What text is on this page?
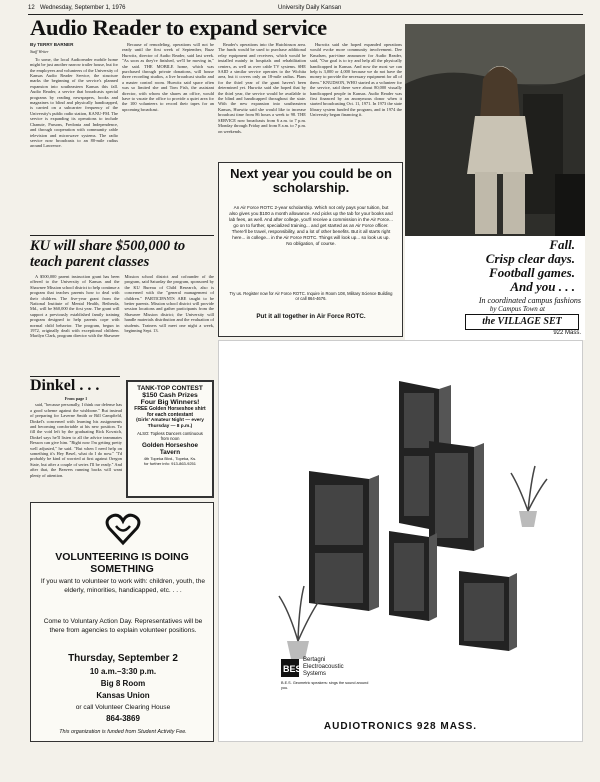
12 Wednesday, September 1, 1976	University Daily Kansan
Audio Reader to expand service
By TERRY BARNER
Staff Writer

To some, the local Audioreader mobile home might be just another narrow trailer house, but for the employees and volunteers of the University of Kansas Audio Reader Service, the structure marks the beginning of the service's planned expansion into southeastern Kansas this fall. Audio Reader, a service that broadcasts special programs by reading newspapers, books and magazines to blind and physically handicapped, is carried on a subcarrier frequency of the University's public radio station, KANU-FM. The service is expanding its operations to include Chanute, Parsons, Fredonia and Independence, and through cooperation with community cable television and microwave systems. The radio service now broadcasts to an 80-mile radius around Lawrence.

Because of remodeling, operations will not be ready until the first week of September, Buzz Hurwitz, director of Audio Reader, said last week. "As soon as they're finished, we'll be moving in," she said. THE MOBILE home, which was purchased through private donations, will house three recording studios, a live broadcast studio and a master control room. Hurwitz said space often was so limited she and Tom Fish, the assistant director, with whom she shares an office, would have to vacate the office to provide a quiet area for the 100 volunteers to record their tapes for an upcoming broadcast.

Reader's operations into the Hutchinson area. The funds would be used to purchase additional relay equipment and receivers, which would be installed mainly in hospitals and rehabilitation centers, as well as over cable TV systems. SHE SAID a similar service operates to the Wichita area, but it covers only an 18-mile radius. Plans for the third year of the grant haven't been determined yet. Hurwitz said she hoped that by the third year, the service would be available to the blind and handicapped throughout the state. With the new expansion into southeastern Kansas, Hurwitz said she would like to increase broadcast time from 86 hours a week to 98. THE SERVICE now broadcasts from 6 a.m. to 7 p.m. Monday through Friday and from 8 a.m. to 7 p.m. on weekends.

Hurwitz said she hoped expanded operations would evoke more community involvement. Dee Knudsen, part-time announcer for Audio Reader, said, "Our goal is to try and help all the physically handicapped in Kansas. And now the most we can help is 3,000 or 4,000 because we do not have the money to provide the necessary equipment for all of them." KNUDSON, WHO started as a volunteer for the service, said there were about 80,000 visually handicapped people in Kansas. Audio Reader was first financed by an anonymous donor when it started broadcasting Oct. 11, 1971. In 1973 the state library system funded the program, and in 1974 the University began financing it.

Fall.
Crisp clear days.
Football games.
And you . . .
In coordinated campus fashions
by Campus Town at
the VILLAGE SET
922 Mass.
Next year you could be on scholarship.
An Air Force ROTC 2-year scholarship. Which not only pays your tuition, but also gives you $100 a month allowance. And picks up the tab for your books and lab fees, as well. And after college, you'll receive a commission in the Air Force... go on to further, specialized training... and get started as an Air Force officer. There'll be travel, responsibility, and a lot of other benefits. But it all starts right here... in college... in the Air Force ROTC. Things will look up... so look us up. No obligation, of course.
Try us. Register now for Air Force ROTC. Inquire in Room 108, Military Science Building or call 864-4676.
Put it all together in Air Force ROTC.
KU will share $500,000 to teach parent classes

A $500,000 parent instruction grant has been offered to the University of Kansas and the Shawnee Mission school district to help continue a program that teaches parents how to deal with their children. The five-year grant from the National Institute of Mental Health, Bethesda, Md., will be $60,000 the first year. The grant will support a previously established family training program designed to help parents cope with normal child behavior. The program, begun in 1972, originally dealt with exceptional children. Marilyn Clark, program director with the Shawnee Mission school district and cofounder of the program, said Saturday the program, sponsored by the KU Bureau of Child Research, also is concerned with the "general management of children." PARTICIPANTS ARE taught to be better parents. Mission school district will provide session locations and gather participants from the Shawnee Mission district; the University will handle materials distribution and the evaluation of students. Trainers will meet one night a week, beginning Sept. 13.

Dinkel . . .
From page 1

said, "because personally, I think our defense has a good scheme against the wishbone." But instead of preparing for Laverne Smith or Bill Campfield, Dinkel's concerned with learning his assignments and becoming comfortable at his new position. To fill the void left by the graduating Rick Kovatch, Dinkel says he'll listen to all the advice teammates Besson can give him. "Right now I'm getting pretty well adjusted," he said. "But when I need help on something it's Hey Besel, what do I do now." "I'd probably be kind of worried at first against Oregon State, but after a couple of series I'll be ready." And after that, the Beavers running backs will want plenty of attention.

TANK-TOP CONTEST
$150 Cash Prizes
Four Big Winners!
FREE Golden Horseshoe shirt for each contestant
(Girls' Amateur Night — every Thursday — 8 p.m.)
ALSO: Topless Dancers continuous from noon
Golden Horseshoe Tavern
4th Topeka Blvd., Topeka, Ks.
for further info: 913-863-9251
VOLUNTEERING IS DOING SOMETHING
If you want to volunteer to work with: children, youth, the elderly, minorities, handicapped, etc. . . .
Come to Voluntary Action Day. Representatives will be there from agencies to explain volunteer positions.
Thursday, September 2
10 a.m.–3:30 p.m.
Big 8 Room
Kansas Union
or call Volunteer Clearing House
864-3869
This organization is funded from Student Activity Fee.
BES
Bertagni
Electroacoustic
Systems
B.E.S. Geometric speakers: sings the sound around you.
AUDIOTRONICS 928 MASS.
